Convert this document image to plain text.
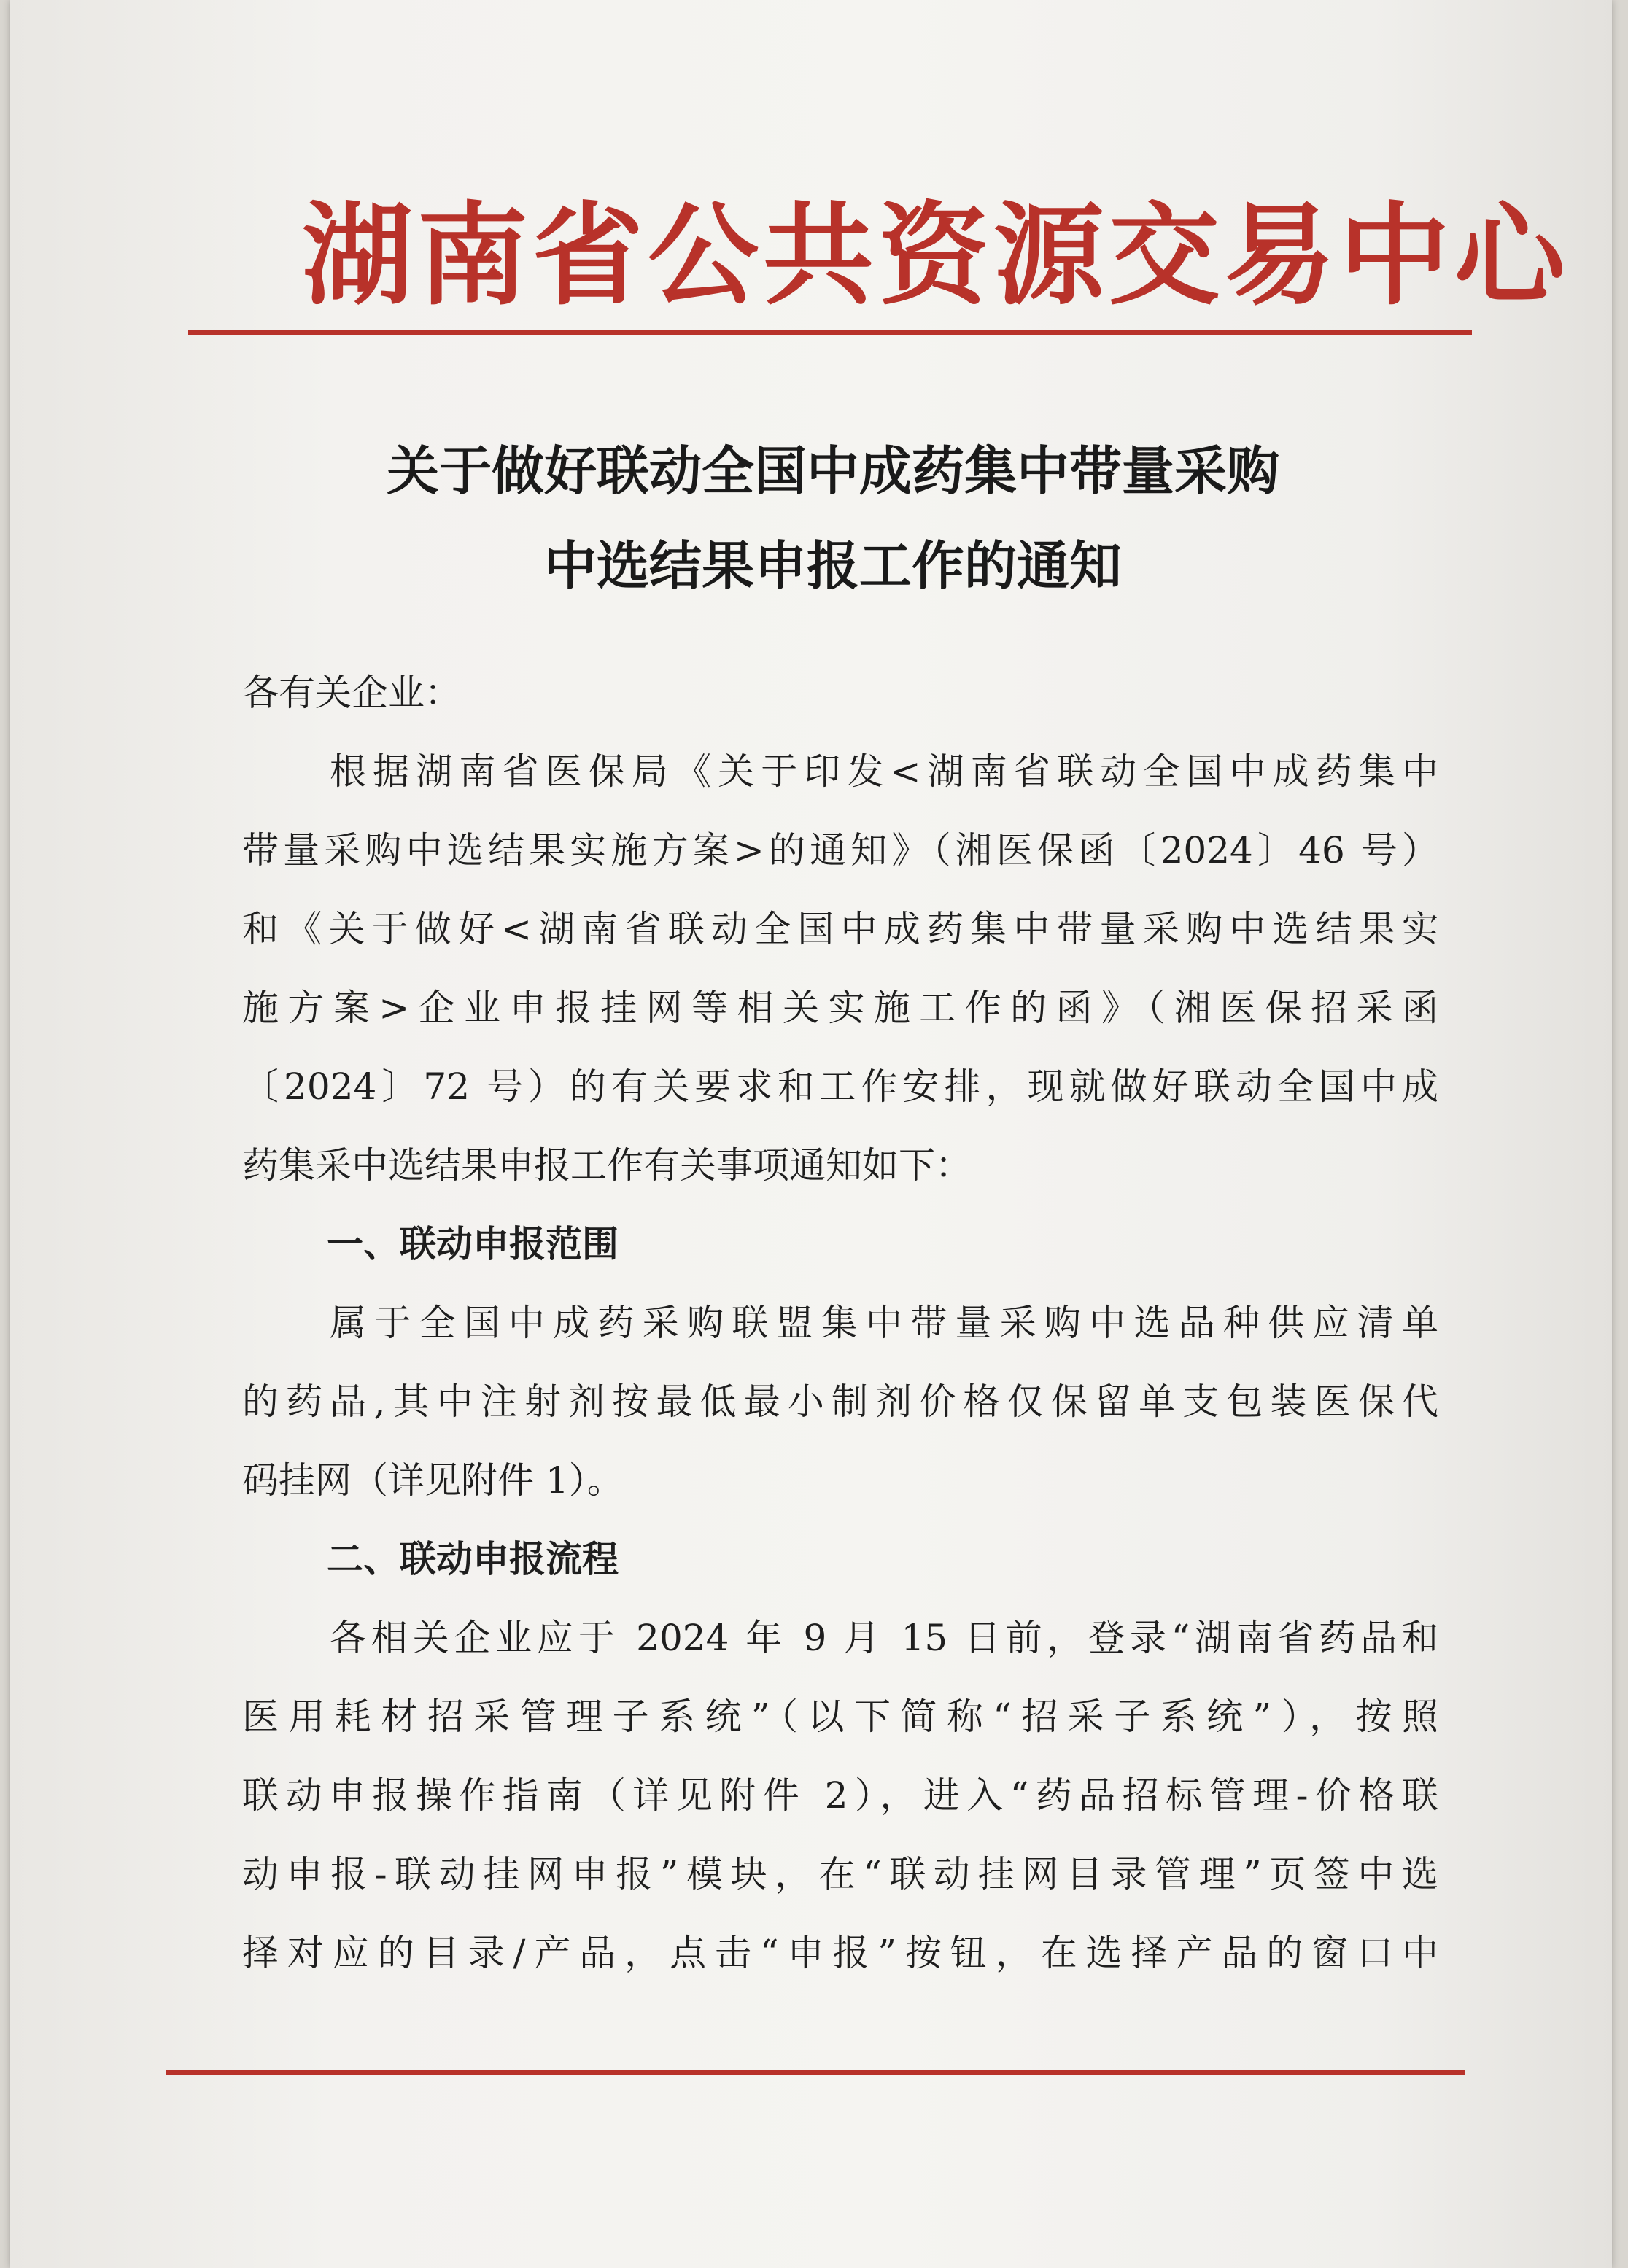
湖南省公共资源交易中心
关于做好联动全国中成药集中带量采购
中选结果申报工作的通知

各有关企业：

根据湖南省医保局《关于印发<湖南省联动全国中成药集中

带量采购中选结果实施方案>的通知》（湘医保函〔2024〕46 号）

和《关于做好<湖南省联动全国中成药集中带量采购中选结果实

施方案>企业申报挂网等相关实施工作的函》（湘医保招采函

〔2024〕72 号）的有关要求和工作安排，现就做好联动全国中成

药集采中选结果申报工作有关事项通知如下：

一、联动申报范围

属于全国中成药采购联盟集中带量采购中选品种供应清单

的药品,其中注射剂按最低最小制剂价格仅保留单支包装医保代

码挂网（详见附件 1）。

二、联动申报流程

各相关企业应于 2024 年 9 月 15 日前，登录“湖南省药品和

医用耗材招采管理子系统”（以下简称“招采子系统”），按照

联动申报操作指南（详见附件 2），进入“药品招标管理-价格联

动申报-联动挂网申报”模块，在“联动挂网目录管理”页签中选

择对应的目录/产品，点击“申报”按钮，在选择产品的窗口中
